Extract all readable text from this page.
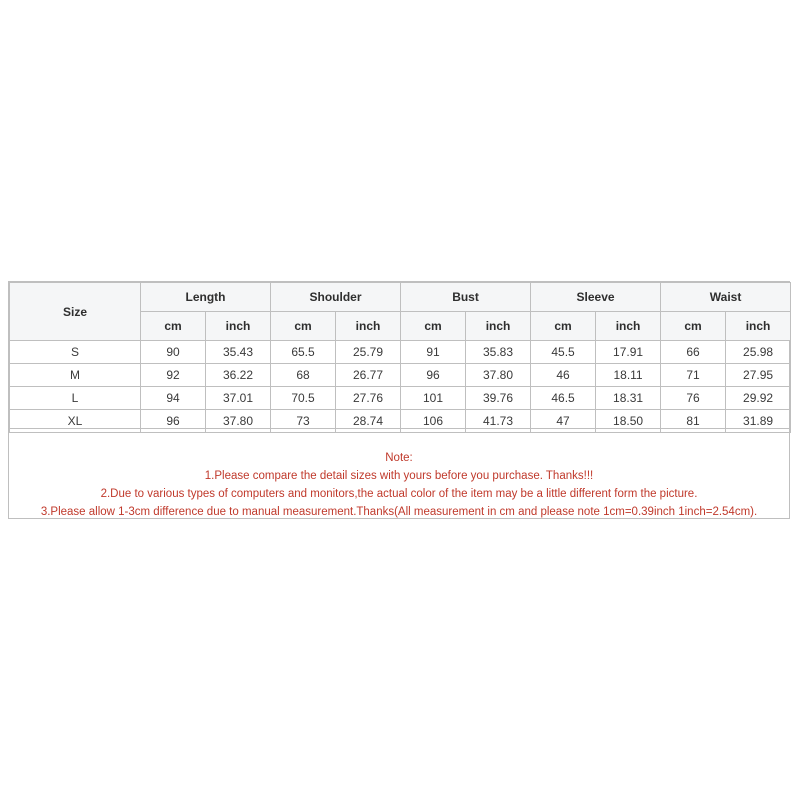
Size	Length		Shoulder		Bust		Sleeve		Waist	
	cm	inch	cm	inch	cm	inch	cm	inch	cm	inch
S	90	35.43	65.5	25.79	91	35.83	45.5	17.91	66	25.98
M	92	36.22	68	26.77	96	37.80	46	18.11	71	27.95
L	94	37.01	70.5	27.76	101	39.76	46.5	18.31	76	29.92
XL	96	37.80	73	28.74	106	41.73	47	18.50	81	31.89
Note:
1.Please compare the detail sizes with yours before you purchase. Thanks!!!
2.Due to various types of computers and monitors,the actual color of the item may be a little different form the picture.
3.Please allow 1-3cm difference due to manual measurement.Thanks(All measurement in cm and please note 1cm=0.39inch 1inch=2.54cm).
